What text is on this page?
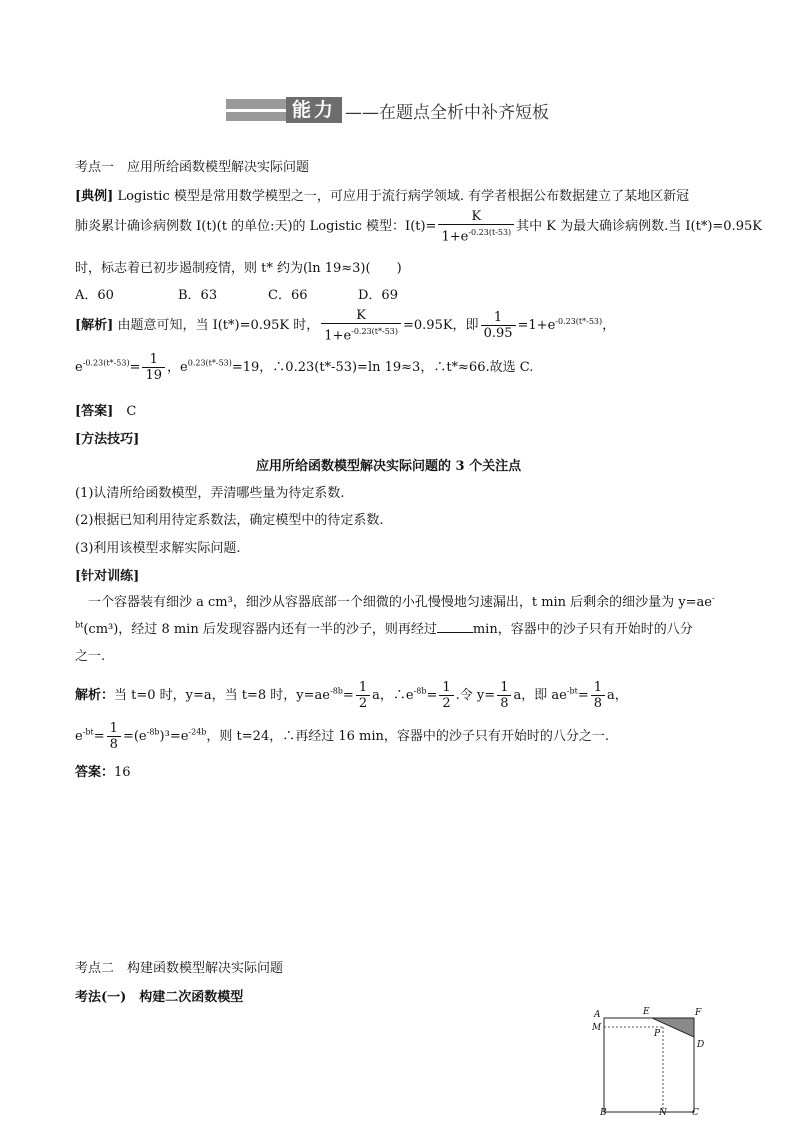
能力 ——在题点全析中补齐短板
考点一　应用所给函数模型解决实际问题
[典例] Logistic 模型是常用数学模型之一，可应用于流行病学领域. 有学者根据公布数据建立了某地区新冠
肺炎累计确诊病例数 I(t)(t 的单位:天)的 Logistic 模型：$I(t)= \frac{K}{1+e^{-0.23(t-53)}}$ 其中 K 为最大确诊病例数.当 I(t*)=0.95K
时，标志着已初步遏制疫情，则 t* 约为(ln 19≈3)(　　)
A．60	B．63	C．66	D．69
[解析] 由题意可知，当 I(t*)=0.95K 时， $\frac{K}{1+e^{-0.23(t*-53)}} =0.95K$，即 $\frac{1}{0.95} =1+e^{-0.23(t*-53)}$，
$e^{-0.23(t*-53)}= \frac{1}{19}$ ，$e^{0.23(t*-53)}=19$，∴0.23(t*-53)=ln 19≈3，∴t*≈66.故选 C.
[答案]　 C
[方法技巧]
应用所给函数模型解决实际问题的 3 个关注点
(1)认清所给函数模型，弄清哪些量为待定系数.
(2)根据已知利用待定系数法，确定模型中的待定系数.
(3)利用该模型求解实际问题.
[针对训练]
一个容器装有细沙 a cm³，细沙从容器底部一个细微的小孔慢慢地匀速漏出，t min 后剩余的细沙量为 y=ae-
$^{bt}$(cm³)，经过 8 min 后发现容器内还有一半的沙子，则再经过	min，容器中的沙子只有开始时的八分
之一.
解析：当 t=0 时，y=a，当 t=8 时，$y=ae^{-8b}= \frac{1}{2}$ a，$\therefore e^{-8b}= \frac{1}{2}$ .令 $y= \frac{1}{8}$ a，即 $ae^{-bt}= \frac{1}{8}$ a，
$e^{-bt}= \frac{1}{8} =(e^{-8b})^3=e^{-24b}$，则 t=24，∴再经过 16 min，容器中的沙子只有开始时的八分之一.
答案：16
考点二　构建函数模型解决实际问题
考法(一)　构建二次函数模型
A
M
E	F
P
D
B	N	C
